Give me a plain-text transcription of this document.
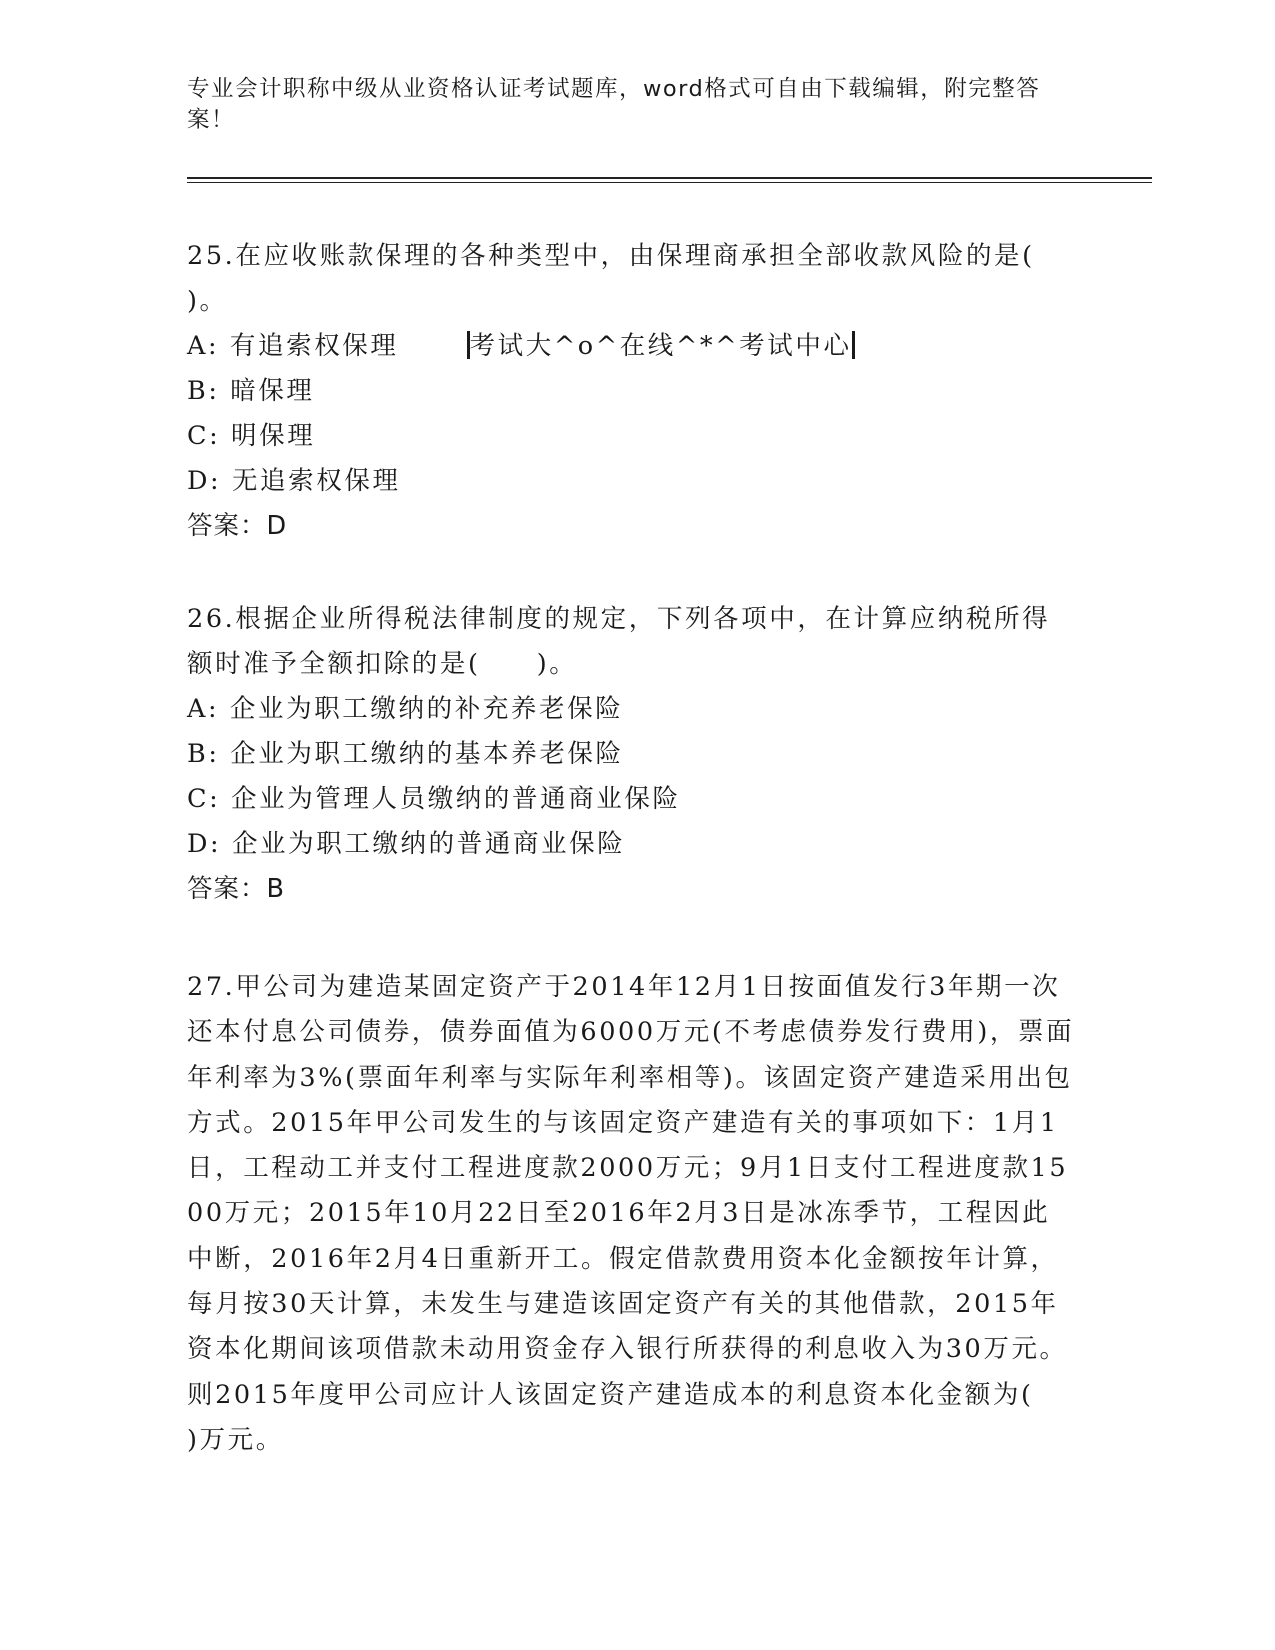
专业会计职称中级从业资格认证考试题库，word格式可自由下载编辑，附完整答案！
25.在应收账款保理的各种类型中，由保理商承担全部收款风险的是(
)。
A: 有追索权保理	考试大^o^在线^*^考试中心
B: 暗保理
C: 明保理
D: 无追索权保理
答案：D
26.根据企业所得税法律制度的规定，下列各项中，在计算应纳税所得
额时准予全额扣除的是(　　)。
A: 企业为职工缴纳的补充养老保险
B: 企业为职工缴纳的基本养老保险
C: 企业为管理人员缴纳的普通商业保险
D: 企业为职工缴纳的普通商业保险
答案：B
27.甲公司为建造某固定资产于2014年12月1日按面值发行3年期一次还本付息公司债券，债券面值为6000万元(不考虑债券发行费用)，票面年利率为3%(票面年利率与实际年利率相等)。该固定资产建造采用出包方式。2015年甲公司发生的与该固定资产建造有关的事项如下：1月1日，工程动工并支付工程进度款2000万元；9月1日支付工程进度款1500万元；2015年10月22日至2016年2月3日是冰冻季节，工程因此中断，2016年2月4日重新开工。假定借款费用资本化金额按年计算，每月按30天计算，未发生与建造该固定资产有关的其他借款，2015年资本化期间该项借款未动用资金存入银行所获得的利息收入为30万元。则2015年度甲公司应计人该固定资产建造成本的利息资本化金额为(　　)万元。
